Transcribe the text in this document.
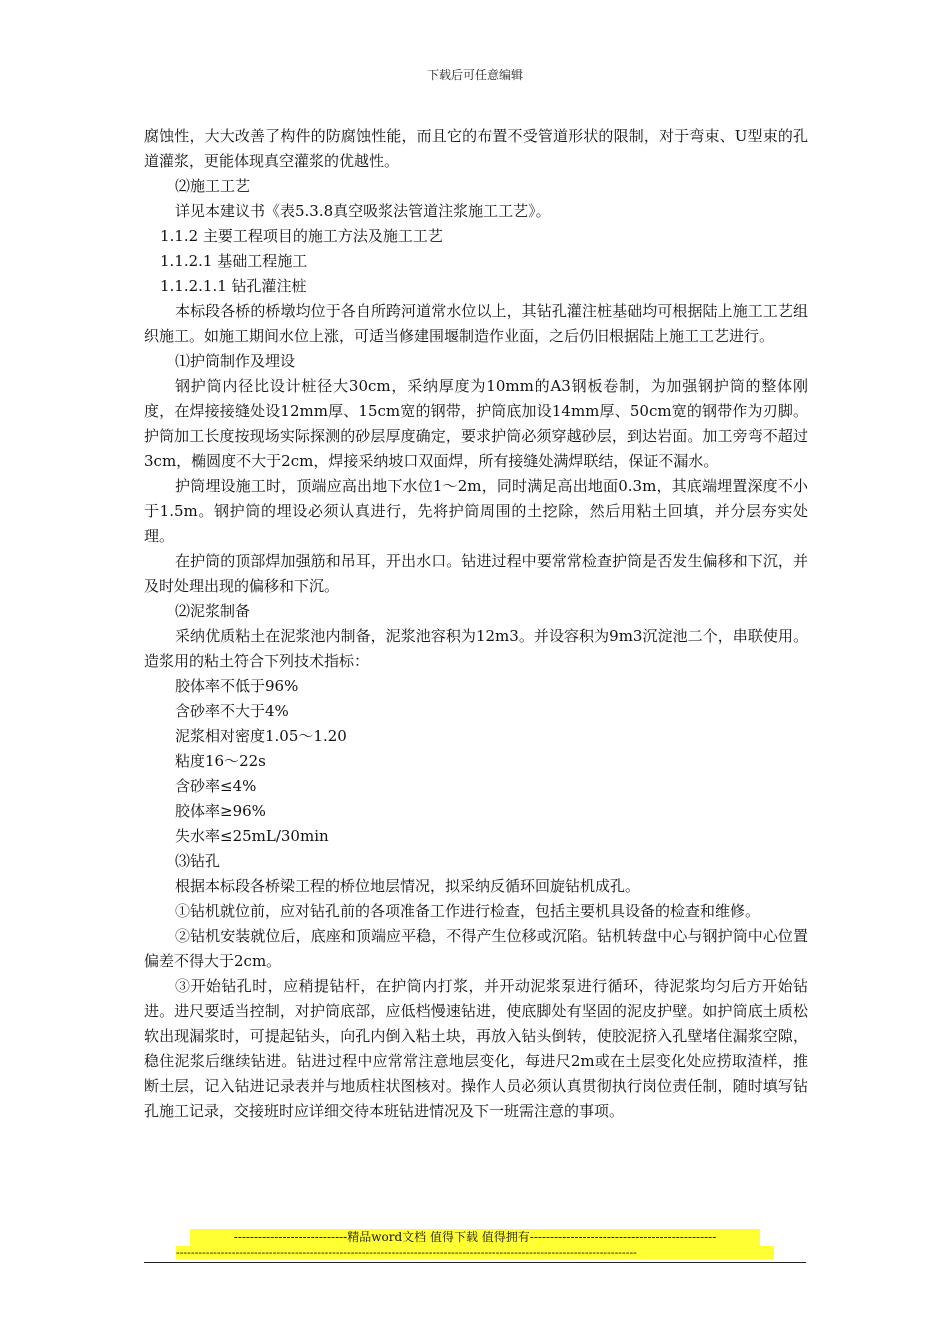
下载后可任意编辑

腐蚀性，大大改善了构件的防腐蚀性能，而且它的布置不受管道形状的限制，对于弯束、U型束的孔道灌浆，更能体现真空灌浆的优越性。

⑵施工工艺

详见本建议书《表5.3.8真空吸浆法管道注浆施工工艺》。

1.1.2 主要工程项目的施工方法及施工工艺

1.1.2.1 基础工程施工

1.1.2.1.1 钻孔灌注桩

本标段各桥的桥墩均位于各自所跨河道常水位以上，其钻孔灌注桩基础均可根据陆上施工工艺组织施工。如施工期间水位上涨，可适当修建围堰制造作业面，之后仍旧根据陆上施工工艺进行。

⑴护筒制作及埋设

钢护筒内径比设计桩径大30cm，采纳厚度为10mm的A3钢板卷制，为加强钢护筒的整体刚度，在焊接接缝处设12mm厚、15cm宽的钢带，护筒底加设14mm厚、50cm宽的钢带作为刃脚。护筒加工长度按现场实际探测的砂层厚度确定，要求护筒必须穿越砂层，到达岩面。加工旁弯不超过3cm，椭圆度不大于2cm，焊接采纳坡口双面焊，所有接缝处满焊联结，保证不漏水。

护筒埋设施工时，顶端应高出地下水位1～2m，同时满足高出地面0.3m，其底端埋置深度不小于1.5m。钢护筒的埋设必须认真进行，先将护筒周围的土挖除，然后用粘土回填，并分层夯实处理。

在护筒的顶部焊加强筋和吊耳，开出水口。钻进过程中要常常检查护筒是否发生偏移和下沉，并及时处理出现的偏移和下沉。

⑵泥浆制备

采纳优质粘土在泥浆池内制备，泥浆池容积为12m3。并设容积为9m3沉淀池二个，串联使用。造浆用的粘土符合下列技术指标：

胶体率不低于96%

含砂率不大于4%

泥浆相对密度1.05～1.20

粘度16～22s

含砂率≤4%

胶体率≥96%

失水率≤25mL/30min

⑶钻孔

根据本标段各桥梁工程的桥位地层情况，拟采纳反循环回旋钻机成孔。

①钻机就位前，应对钻孔前的各项准备工作进行检查，包括主要机具设备的检查和维修。

②钻机安装就位后，底座和顶端应平稳，不得产生位移或沉陷。钻机转盘中心与钢护筒中心位置偏差不得大于2cm。

③开始钻孔时，应稍提钻杆，在护筒内打浆，并开动泥浆泵进行循环，待泥浆均匀后方开始钻进。进尺要适当控制，对护筒底部，应低档慢速钻进，使底脚处有坚固的泥皮护壁。如护筒底土质松软出现漏浆时，可提起钻头，向孔内倒入粘土块，再放入钻头倒转，使胶泥挤入孔壁堵住漏浆空隙，稳住泥浆后继续钻进。钻进过程中应常常注意地层变化，每进尺2m或在土层变化处应捞取渣样，推断土层，记入钻进记录表并与地质柱状图核对。操作人员必须认真贯彻执行岗位责任制，随时填写钻孔施工记录，交接班时应详细交待本班钻进情况及下一班需注意的事项。

----------------------------精品word文档 值得下载 值得拥有----------------------------------------------
----------------------------------------------------------------------------------------------------------------------------
